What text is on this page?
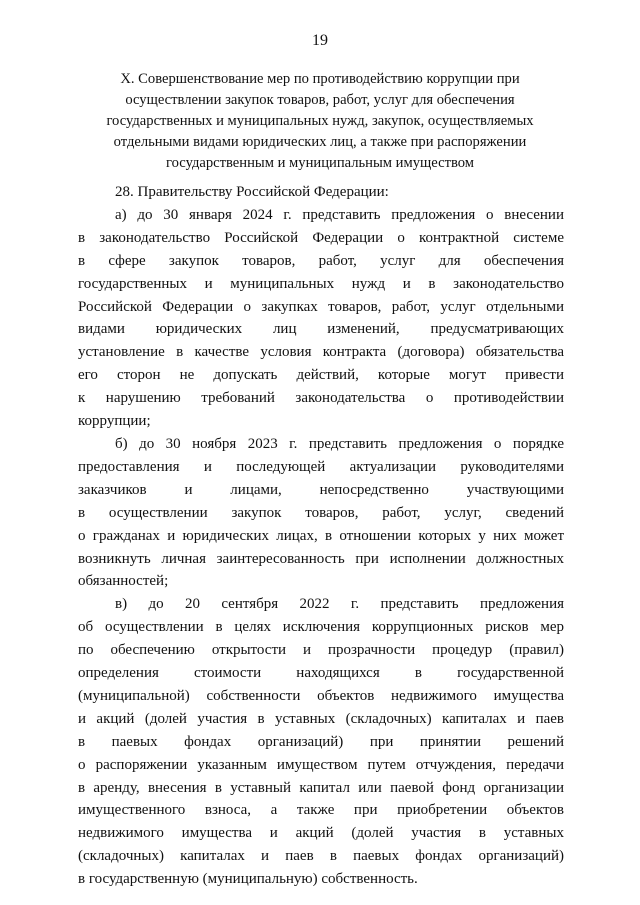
19
X. Совершенствование мер по противодействию коррупции при
осуществлении закупок товаров, работ, услуг для обеспечения
государственных и муниципальных нужд, закупок, осуществляемых
отдельными видами юридических лиц, а также при распоряжении
государственным и муниципальным имуществом
28. Правительству Российской Федерации:
а) до 30 января 2024 г. представить предложения о внесении
в законодательство Российской Федерации о контрактной системе
в сфере закупок товаров, работ, услуг для обеспечения
государственных и муниципальных нужд и в законодательство
Российской Федерации о закупках товаров, работ, услуг отдельными
видами юридических лиц изменений, предусматривающих
установление в качестве условия контракта (договора) обязательства
его сторон не допускать действий, которые могут привести
к нарушению требований законодательства о противодействии
коррупции;
б) до 30 ноября 2023 г. представить предложения о порядке
предоставления и последующей актуализации руководителями
заказчиков и лицами, непосредственно участвующими
в осуществлении закупок товаров, работ, услуг, сведений
о гражданах и юридических лицах, в отношении которых у них может
возникнуть личная заинтересованность при исполнении должностных
обязанностей;
в) до 20 сентября 2022 г. представить предложения
об осуществлении в целях исключения коррупционных рисков мер
по обеспечению открытости и прозрачности процедур (правил)
определения стоимости находящихся в государственной
(муниципальной) собственности объектов недвижимого имущества
и акций (долей участия в уставных (складочных) капиталах и паев
в паевых фондах организаций) при принятии решений
о распоряжении указанным имуществом путем отчуждения, передачи
в аренду, внесения в уставный капитал или паевой фонд организации
имущественного взноса, а также при приобретении объектов
недвижимого имущества и акций (долей участия в уставных
(складочных) капиталах и паев в паевых фондах организаций)
в государственную (муниципальную) собственность.
